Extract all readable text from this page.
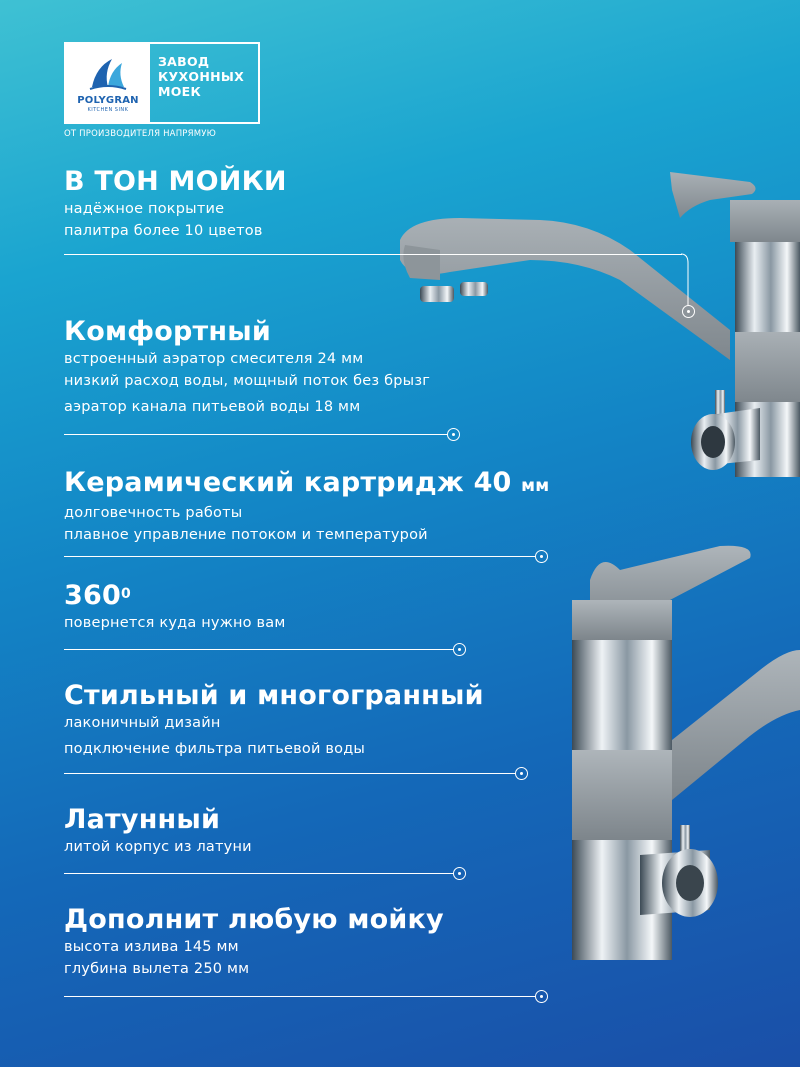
POLYGRAN
KITCHEN SINK
ЗАВОД
КУХОННЫХ
МОЕК
ОТ ПРОИЗВОДИТЕЛЯ НАПРЯМУЮ
В ТОН МОЙКИ
надёжное покрытие
палитра более 10 цветов
Комфортный
встроенный аэратор смесителя 24 мм
низкий расход воды, мощный поток без брызг
аэратор канала питьевой воды 18 мм
Керамический картридж 40 мм
долговечность работы
плавное управление потоком и температурой
$360^0$
повернется куда нужно вам
Стильный и многогранный
лаконичный дизайн
подключение фильтра питьевой воды
Латунный
литой корпус из латуни
Дополнит любую мойку
высота излива 145 мм
глубина вылета 250 мм
